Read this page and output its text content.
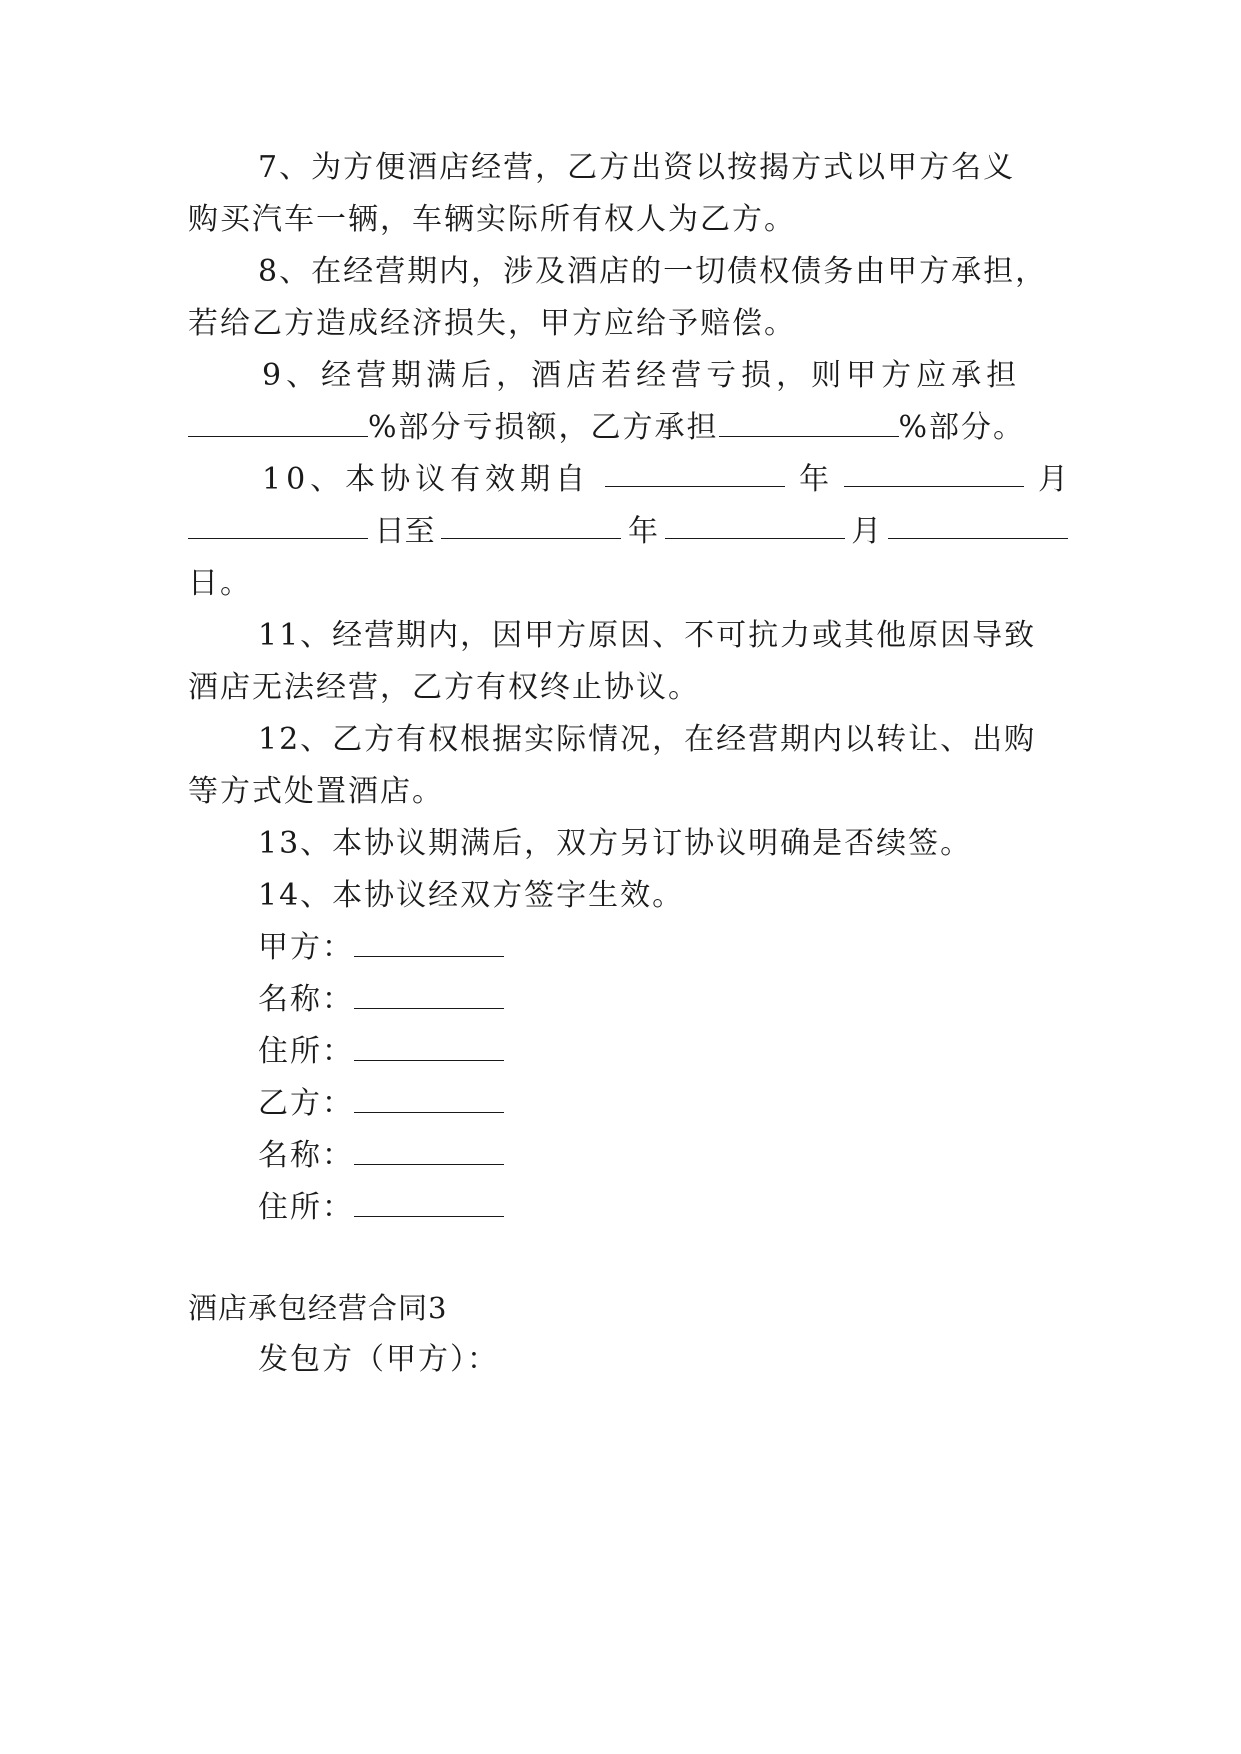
7、为方便酒店经营，乙方出资以按揭方式以甲方名义
购买汽车一辆，车辆实际所有权人为乙方。
8、在经营期内，涉及酒店的一切债权债务由甲方承担，
若给乙方造成经济损失，甲方应给予赔偿。
9、经营期满后，酒店若经营亏损，则甲方应承担
%部分亏损额，乙方承担	%部分。
10、本协议有效期自	年	月
日至	年	月
日。
11、经营期内，因甲方原因、不可抗力或其他原因导致
酒店无法经营，乙方有权终止协议。
12、乙方有权根据实际情况，在经营期内以转让、出购
等方式处置酒店。
13、本协议期满后，双方另订协议明确是否续签。
14、本协议经双方签字生效。
甲方：
名称：
住所：
乙方：
名称：
住所：
酒店承包经营合同3
发包方（甲方）：
